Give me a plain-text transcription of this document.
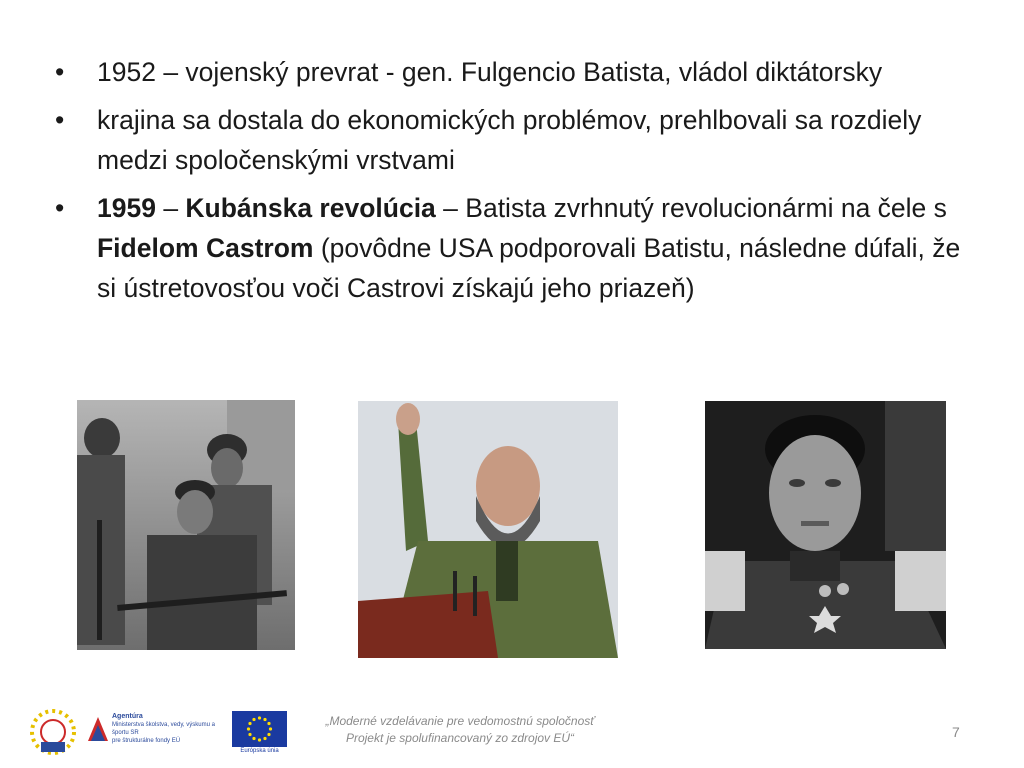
• 1952 – vojenský prevrat - gen. Fulgencio Batista, vládol diktátorsky
• krajina sa dostala do ekonomických problémov, prehlbovali sa rozdiely medzi spoločenskými vrstvami
• 1959 – Kubánska revolúcia – Batista zvrhnutý revolucionármi na čele s Fidelom Castrom (povôdne USA podporovali Batistu, následne dúfali, že si ústretovosťou voči Castrovi získajú jeho priazeň)
Agentúra
Ministerstva školstva, vedy, výskumu a športu SR
pre štrukturálne fondy EÚ
Európska únia
„Moderné vzdelávanie pre vedomostnú spoločnosť
Projekt je spolufinancovaný zo zdrojov EÚ“	7
